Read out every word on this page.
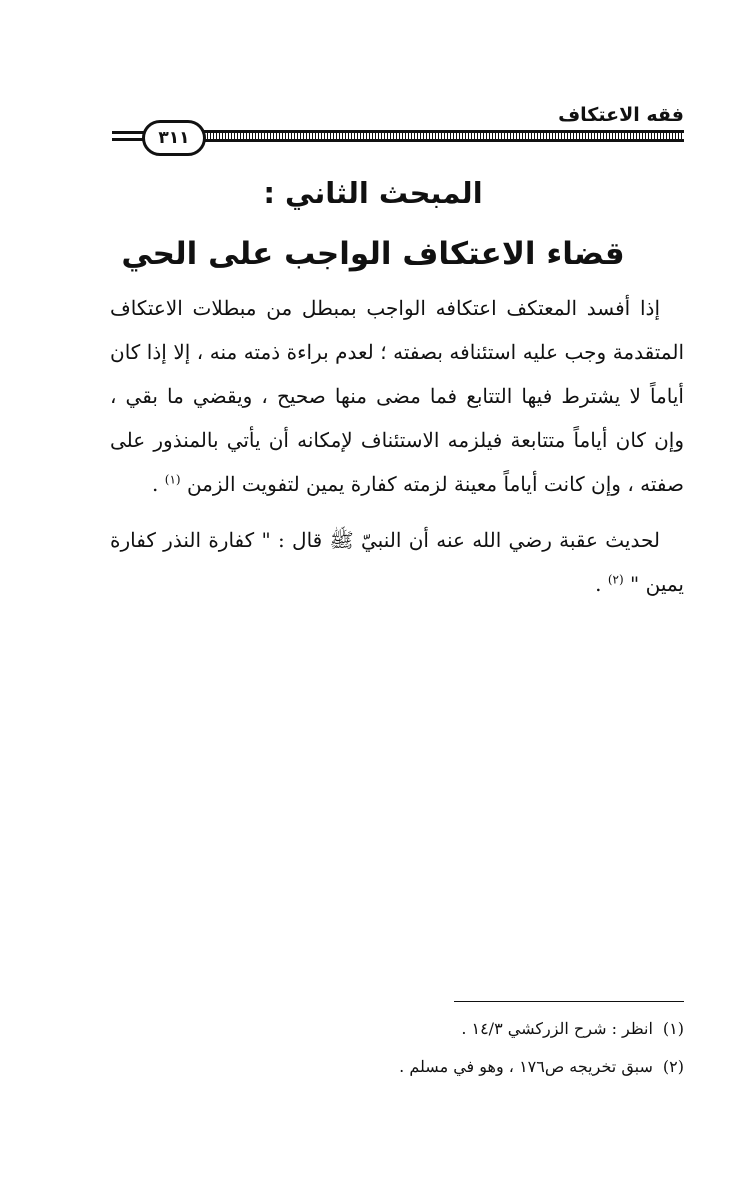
فقه الاعتكاف
٣١١
المبحث الثاني :
قضاء الاعتكاف الواجب على الحي

إذا أفسد المعتكف اعتكافه الواجب بمبطل من مبطلات الاعتكاف المتقدمة وجب عليه استئنافه بصفته ؛ لعدم براءة ذمته منه ، إلا إذا كان أياماً لا يشترط فيها التتابع فما مضى منها صحيح ، ويقضي ما بقي ، وإن كان أياماً متتابعة فيلزمه الاستئناف لإمكانه أن يأتي بالمنذور على صفته ، وإن كانت أياماً معينة لزمته كفارة يمين لتفويت الزمن $^{(١)}$ .

لحديث عقبة رضي الله عنه أن النبيّ ﷺ قال : " كفارة النذر كفارة يمين " $^{(٢)}$ .

(١)انظر : شرح الزركشي ١٤/٣ .
(٢)سبق تخريجه ص١٧٦ ، وهو في مسلم .
